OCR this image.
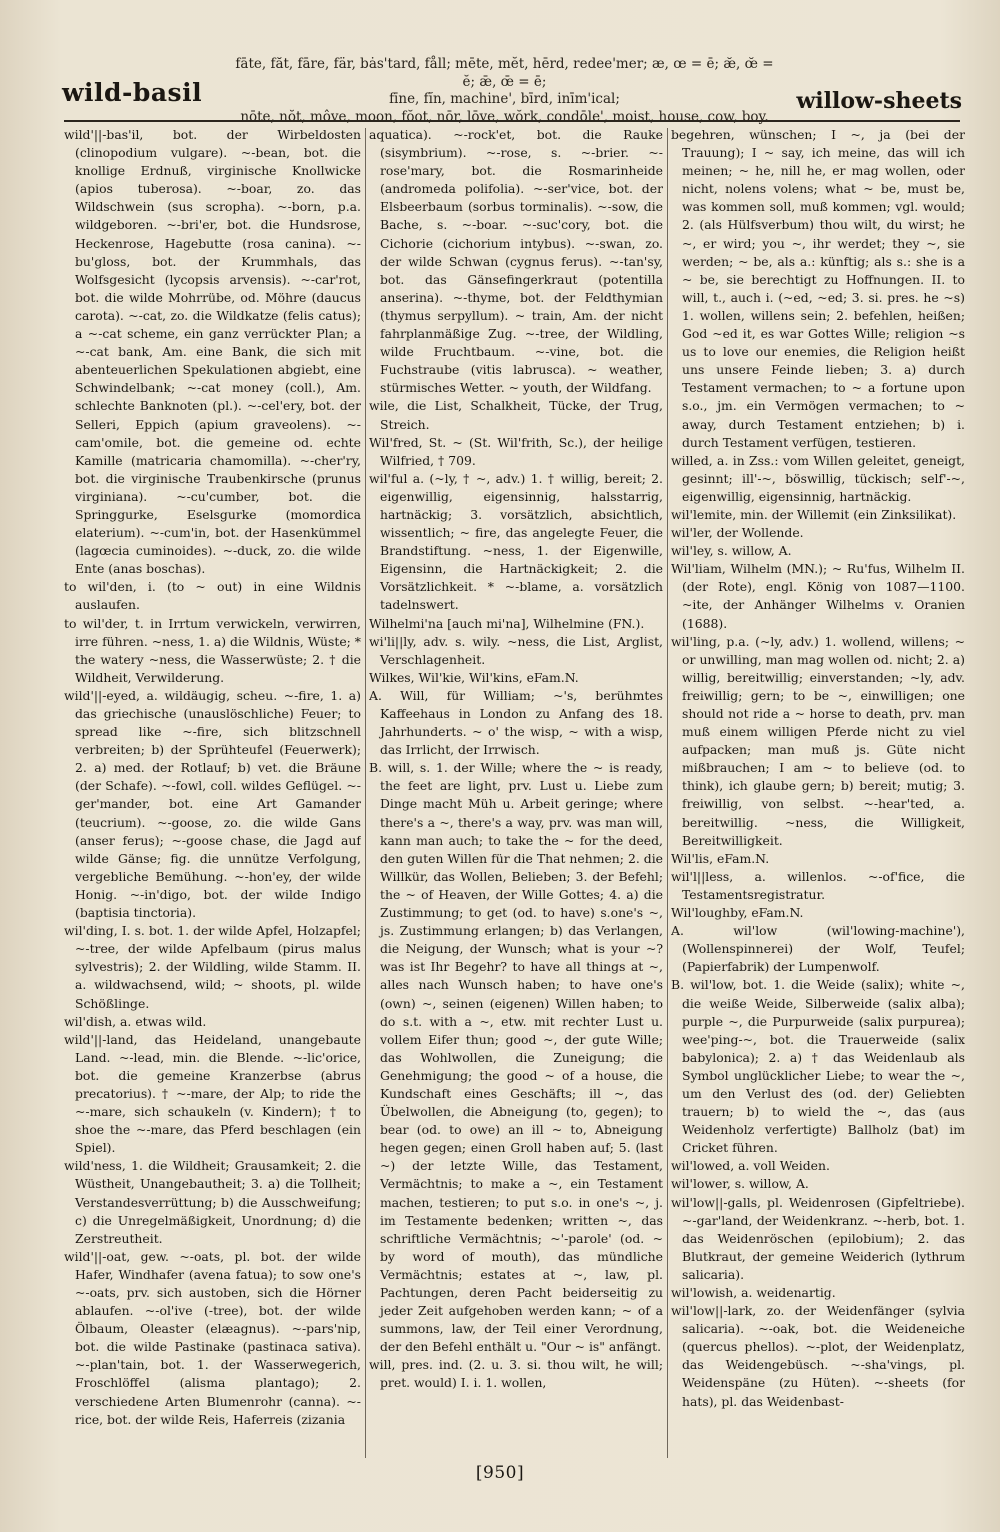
wild-basil
fāte, făt, fāre, fär, bȧs'tard, fåll; mēte, mĕt, hērd, redee'mer; æ, œ = ē; æ̆, œ̆ = ĕ; ǣ, œ̄ = ē;
fīne, fĭn, machine', bīrd, inīm'ical;
nōte, nŏt, môve, moon, fŏot, nōr, lōve, wŏrk, condōle', moist, house, cow, boy.
willow-sheets

wild'||-bas'il, bot. der Wirbeldosten (clinopodium vulgare). ~-bean, bot. die knollige Erdnuß, virginische Knollwicke (apios tuberosa). ~-boar, zo. das Wildschwein (sus scropha). ~-born, p.a. wildgeboren. ~-bri'er, bot. die Hundsrose, Heckenrose, Hagebutte (rosa canina). ~-bu'gloss, bot. der Krummhals, das Wolfsgesicht (lycopsis arvensis). ~-car'rot, bot. die wilde Mohrrübe, od. Möhre (daucus carota). ~-cat, zo. die Wildkatze (felis catus); a ~-cat scheme, ein ganz verrückter Plan; a ~-cat bank, Am. eine Bank, die sich mit abenteuerlichen Spekulationen abgiebt, eine Schwindelbank; ~-cat money (coll.), Am. schlechte Banknoten (pl.). ~-cel'ery, bot. der Selleri, Eppich (apium graveolens). ~-cam'omile, bot. die gemeine od. echte Kamille (matricaria chamomilla). ~-cher'ry, bot. die virginische Traubenkirsche (prunus virginiana). ~-cu'cumber, bot. die Springgurke, Eselsgurke (momordica elaterium). ~-cum'in, bot. der Hasenkümmel (lagœcia cuminoides). ~-duck, zo. die wilde Ente (anas boschas).

to wil'den, i. (to ~ out) in eine Wildnis auslaufen.

to wil'der, t. in Irrtum verwickeln, verwirren, irre führen. ~ness, 1. a) die Wildnis, Wüste; * the watery ~ness, die Wasserwüste; 2. † die Wildheit, Verwilderung.

wild'||-eyed, a. wildäugig, scheu. ~-fire, 1. a) das griechische (unauslöschliche) Feuer; to spread like ~-fire, sich blitzschnell verbreiten; b) der Sprühteufel (Feuerwerk); 2. a) med. der Rotlauf; b) vet. die Bräune (der Schafe). ~-fowl, coll. wildes Geflügel. ~-ger'mander, bot. eine Art Gamander (teucrium). ~-goose, zo. die wilde Gans (anser ferus); ~-goose chase, die Jagd auf wilde Gänse; fig. die unnütze Verfolgung, vergebliche Bemühung. ~-hon'ey, der wilde Honig. ~-in'digo, bot. der wilde Indigo (baptisia tinctoria).

wil'ding, I. s. bot. 1. der wilde Apfel, Holzapfel; ~-tree, der wilde Apfelbaum (pirus malus sylvestris); 2. der Wildling, wilde Stamm. II. a. wildwachsend, wild; ~ shoots, pl. wilde Schößlinge.

wil'dish, a. etwas wild.

wild'||-land, das Heideland, unangebaute Land. ~-lead, min. die Blende. ~-lic'orice, bot. die gemeine Kranzerbse (abrus precatorius). † ~-mare, der Alp; to ride the ~-mare, sich schaukeln (v. Kindern); † to shoe the ~-mare, das Pferd beschlagen (ein Spiel).

wild'ness, 1. die Wildheit; Grausamkeit; 2. die Wüstheit, Unangebautheit; 3. a) die Tollheit; Verstandesverrüttung; b) die Ausschweifung; c) die Unregelmäßigkeit, Unordnung; d) die Zerstreutheit.

wild'||-oat, gew. ~-oats, pl. bot. der wilde Hafer, Windhafer (avena fatua); to sow one's ~-oats, prv. sich austoben, sich die Hörner ablaufen. ~-ol'ive (-tree), bot. der wilde Ölbaum, Oleaster (elæagnus). ~-pars'nip, bot. die wilde Pastinake (pastinaca sativa). ~-plan'tain, bot. 1. der Wasserwegerich, Froschlöffel (alisma plantago); 2. verschiedene Arten Blumenrohr (canna). ~-rice, bot. der wilde Reis, Haferreis (zizania

aquatica). ~-rock'et, bot. die Rauke (sisymbrium). ~-rose, s. ~-brier. ~-rose'mary, bot. die Rosmarinheide (andromeda polifolia). ~-ser'vice, bot. der Elsbeerbaum (sorbus torminalis). ~-sow, die Bache, s. ~-boar. ~-suc'cory, bot. die Cichorie (cichorium intybus). ~-swan, zo. der wilde Schwan (cygnus ferus). ~-tan'sy, bot. das Gänsefingerkraut (potentilla anserina). ~-thyme, bot. der Feldthymian (thymus serpyllum). ~ train, Am. der nicht fahrplanmäßige Zug. ~-tree, der Wildling, wilde Fruchtbaum. ~-vine, bot. die Fuchstraube (vitis labrusca). ~ weather, stürmisches Wetter. ~ youth, der Wildfang.

wile, die List, Schalkheit, Tücke, der Trug, Streich.

Wil'fred, St. ~ (St. Wil'frith, Sc.), der heilige Wilfried, † 709.

wil'ful a. (~ly, † ~, adv.) 1. † willig, bereit; 2. eigenwillig, eigensinnig, halsstarrig, hartnäckig; 3. vorsätzlich, absichtlich, wissentlich; ~ fire, das angelegte Feuer, die Brandstiftung. ~ness, 1. der Eigenwille, Eigensinn, die Hartnäckigkeit; 2. die Vorsätzlichkeit. * ~-blame, a. vorsätzlich tadelnswert.

Wilhelmi'na [auch mi'na], Wilhelmine (FN.).

wi'li||ly, adv. s. wily. ~ness, die List, Arglist, Verschlagenheit.

Wilkes, Wil'kie, Wil'kins, eFam.N.

A. Will, für William; ~'s, berühmtes Kaffeehaus in London zu Anfang des 18. Jahrhunderts. ~ o' the wisp, ~ with a wisp, das Irrlicht, der Irrwisch.

B. will, s. 1. der Wille; where the ~ is ready, the feet are light, prv. Lust u. Liebe zum Dinge macht Müh u. Arbeit geringe; where there's a ~, there's a way, prv. was man will, kann man auch; to take the ~ for the deed, den guten Willen für die That nehmen; 2. die Willkür, das Wollen, Belieben; 3. der Befehl; the ~ of Heaven, der Wille Gottes; 4. a) die Zustimmung; to get (od. to have) s.one's ~, js. Zustimmung erlangen; b) das Verlangen, die Neigung, der Wunsch; what is your ~? was ist Ihr Begehr? to have all things at ~, alles nach Wunsch haben; to have one's (own) ~, seinen (eigenen) Willen haben; to do s.t. with a ~, etw. mit rechter Lust u. vollem Eifer thun; good ~, der gute Wille; das Wohlwollen, die Zuneigung; die Genehmigung; the good ~ of a house, die Kundschaft eines Geschäfts; ill ~, das Übelwollen, die Abneigung (to, gegen); to bear (od. to owe) an ill ~ to, Abneigung hegen gegen; einen Groll haben auf; 5. (last ~) der letzte Wille, das Testament, Vermächtnis; to make a ~, ein Testament machen, testieren; to put s.o. in one's ~, j. im Testamente bedenken; written ~, das schriftliche Vermächtnis; ~'-parole' (od. ~ by word of mouth), das mündliche Vermächtnis; estates at ~, law, pl. Pachtungen, deren Pacht beiderseitig zu jeder Zeit aufgehoben werden kann; ~ of a summons, law, der Teil einer Verordnung, der den Befehl enthält u. "Our ~ is" anfängt.

will, pres. ind. (2. u. 3. si. thou wilt, he will; pret. would) I. i. 1. wollen,

begehren, wünschen; I ~, ja (bei der Trauung); I ~ say, ich meine, das will ich meinen; ~ he, nill he, er mag wollen, oder nicht, nolens volens; what ~ be, must be, was kommen soll, muß kommen; vgl. would; 2. (als Hülfsverbum) thou wilt, du wirst; he ~, er wird; you ~, ihr werdet; they ~, sie werden; ~ be, als a.: künftig; als s.: she is a ~ be, sie berechtigt zu Hoffnungen. II. to will, t., auch i. (~ed, ~ed; 3. si. pres. he ~s) 1. wollen, willens sein; 2. befehlen, heißen; God ~ed it, es war Gottes Wille; religion ~s us to love our enemies, die Religion heißt uns unsere Feinde lieben; 3. a) durch Testament vermachen; to ~ a fortune upon s.o., jm. ein Vermögen vermachen; to ~ away, durch Testament entziehen; b) i. durch Testament verfügen, testieren.

willed, a. in Zss.: vom Willen geleitet, geneigt, gesinnt; ill'-~, böswillig, tückisch; self'-~, eigenwillig, eigensinnig, hartnäckig.

wil'lemite, min. der Willemit (ein Zinksilikat).

wil'ler, der Wollende.

wil'ley, s. willow, A.

Wil'liam, Wilhelm (MN.); ~ Ru'fus, Wilhelm II. (der Rote), engl. König von 1087—1100. ~ite, der Anhänger Wilhelms v. Oranien (1688).

wil'ling, p.a. (~ly, adv.) 1. wollend, willens; ~ or unwilling, man mag wollen od. nicht; 2. a) willig, bereitwillig; einverstanden; ~ly, adv. freiwillig; gern; to be ~, einwilligen; one should not ride a ~ horse to death, prv. man muß einem willigen Pferde nicht zu viel aufpacken; man muß js. Güte nicht mißbrauchen; I am ~ to believe (od. to think), ich glaube gern; b) bereit; mutig; 3. freiwillig, von selbst. ~-hear'ted, a. bereitwillig. ~ness, die Willigkeit, Bereitwilligkeit.

Wil'lis, eFam.N.

wil'l||less, a. willenlos. ~-of'fice, die Testamentsregistratur.

Wil'loughby, eFam.N.

A. wil'low (wil'lowing-machine'), (Wollenspinnerei) der Wolf, Teufel; (Papierfabrik) der Lumpenwolf.

B. wil'low, bot. 1. die Weide (salix); white ~, die weiße Weide, Silberweide (salix alba); purple ~, die Purpurweide (salix purpurea); wee'ping-~, bot. die Trauerweide (salix babylonica); 2. a) † das Weidenlaub als Symbol unglücklicher Liebe; to wear the ~, um den Verlust des (od. der) Geliebten trauern; b) to wield the ~, das (aus Weidenholz verfertigte) Ballholz (bat) im Cricket führen.

wil'lowed, a. voll Weiden.

wil'lower, s. willow, A.

wil'low||-galls, pl. Weidenrosen (Gipfeltriebe). ~-gar'land, der Weidenkranz. ~-herb, bot. 1. das Weidenröschen (epilobium); 2. das Blutkraut, der gemeine Weiderich (lythrum salicaria).

wil'lowish, a. weidenartig.

wil'low||-lark, zo. der Weidenfänger (sylvia salicaria). ~-oak, bot. die Weideneiche (quercus phellos). ~-plot, der Weidenplatz, das Weidengebüsch. ~-sha'vings, pl. Weidenspäne (zu Hüten). ~-sheets (for hats), pl. das Weidenbast-

[950]
